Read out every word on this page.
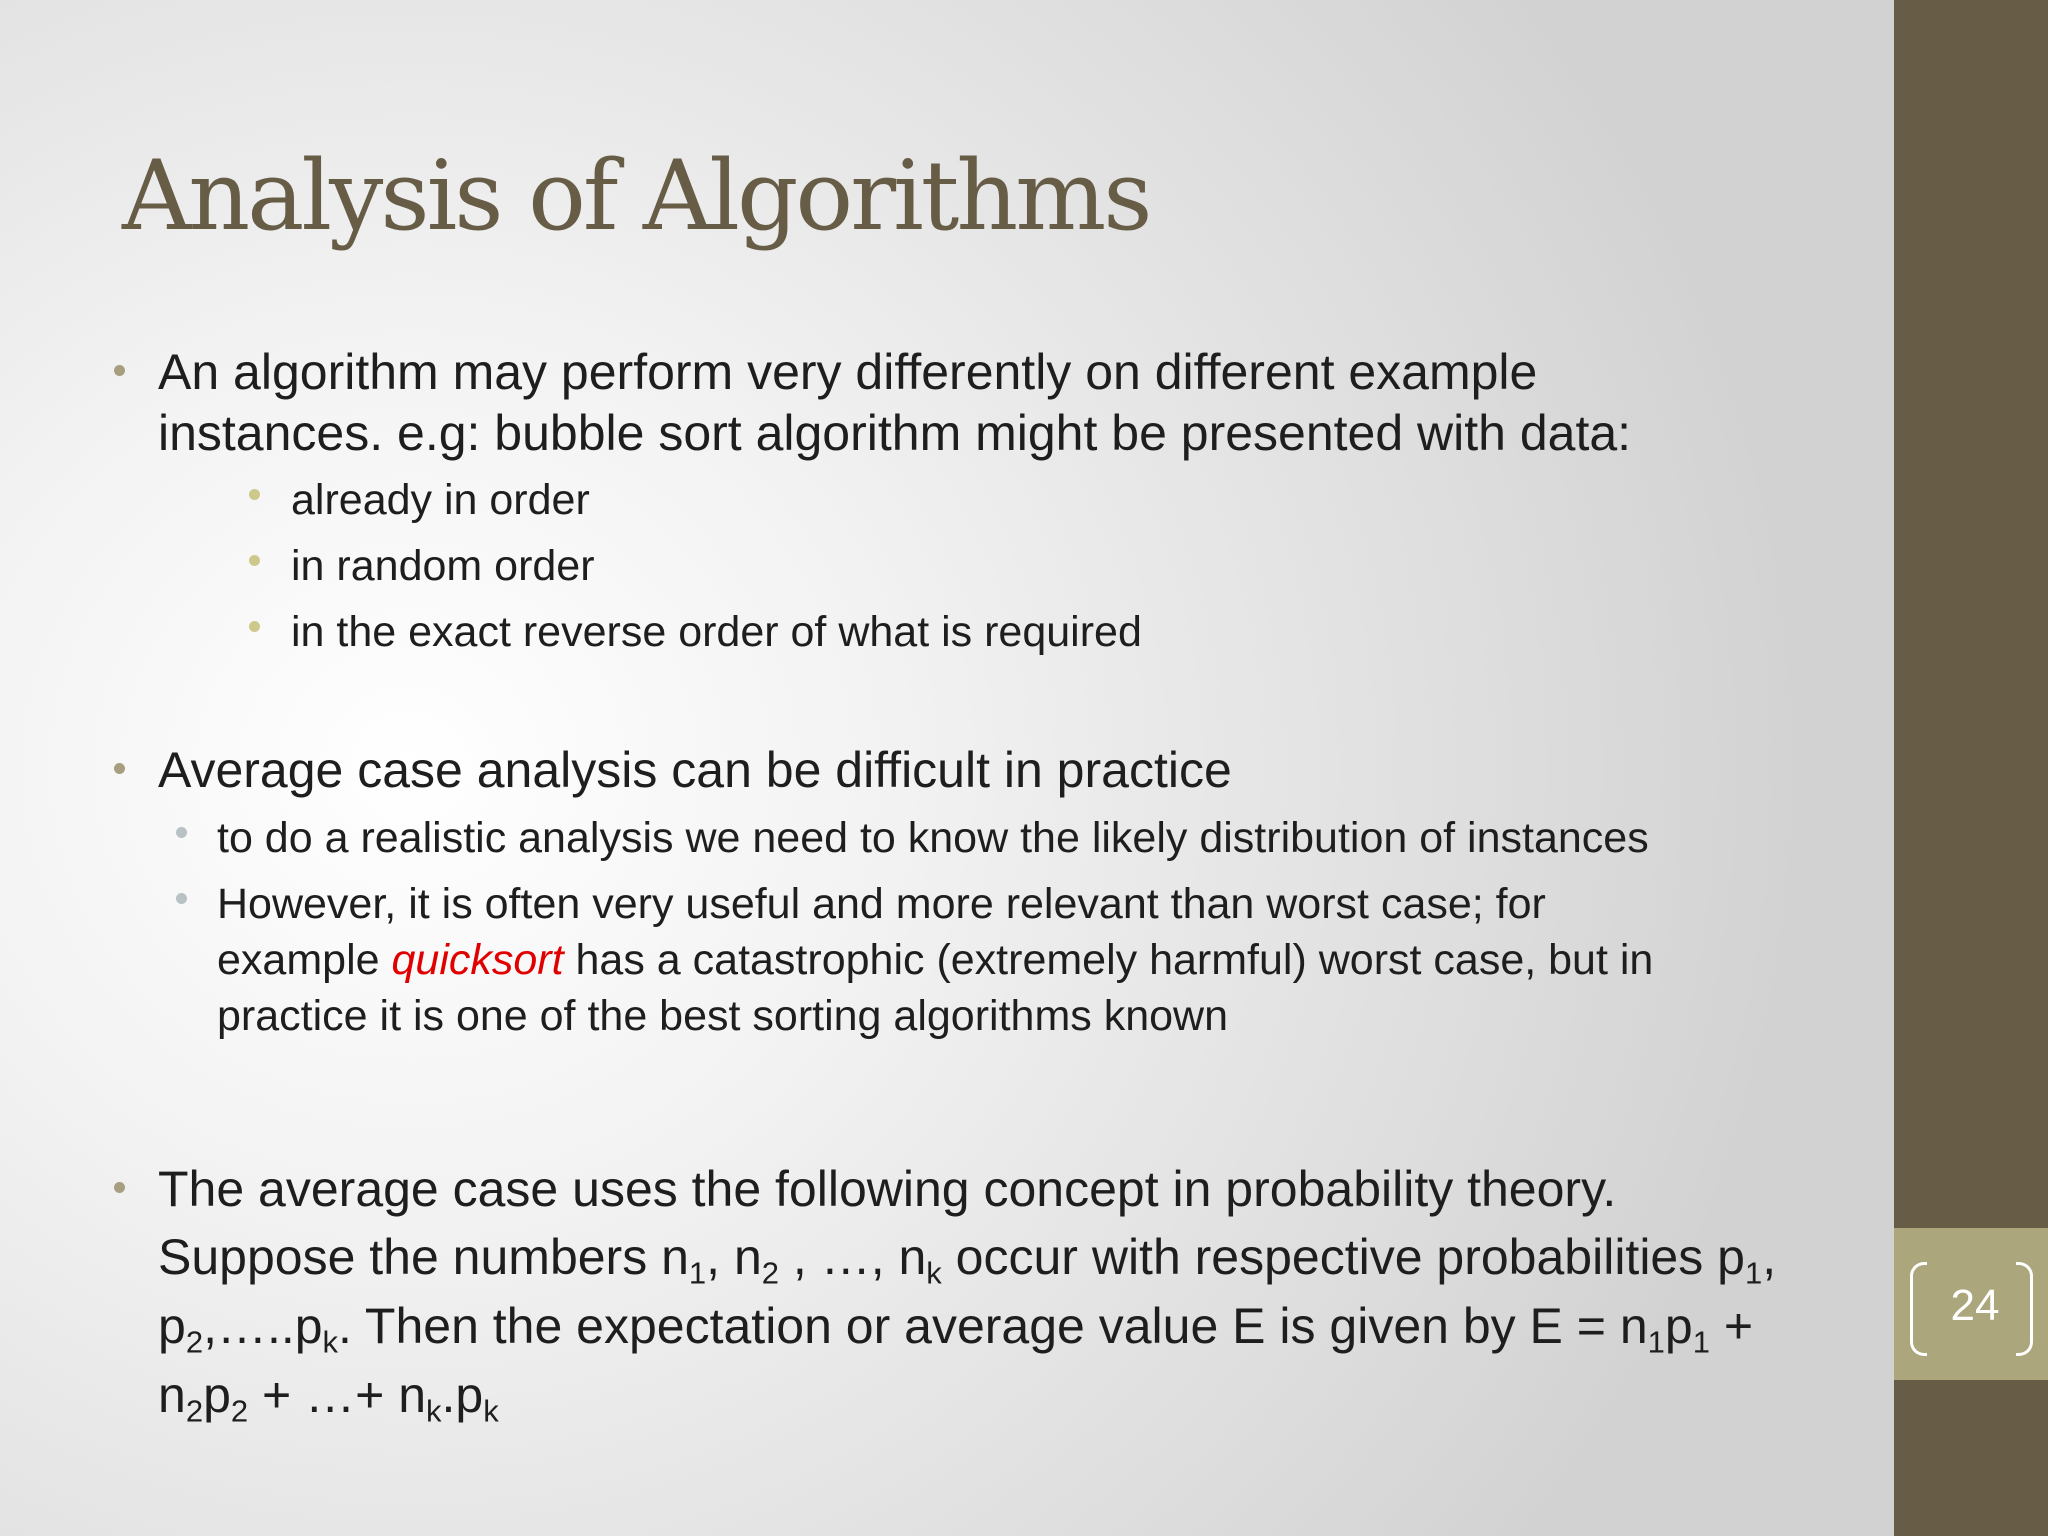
24
Analysis of Algorithms
An algorithm may perform very differently on different example
instances. e.g: bubble sort algorithm might be presented with data:
already in order
in random order
in the exact reverse order of what is required
Average case analysis can be difficult in practice
to do a realistic analysis we need to know the likely distribution of instances
However, it is often very useful and more relevant than worst case; for
example quicksort has a catastrophic (extremely harmful) worst case, but in
practice it is one of the best sorting algorithms known
The average case uses the following concept in probability theory.
Suppose the numbers $n_1$, $n_2$ , …, $n_k$ occur with respective probabilities $p_1$,
$p_2,\dots..p_k$. Then the expectation or average value E is given by $E = n_1p_1$ +
$n_2p_2$ + …+ $n_k.p_k$
